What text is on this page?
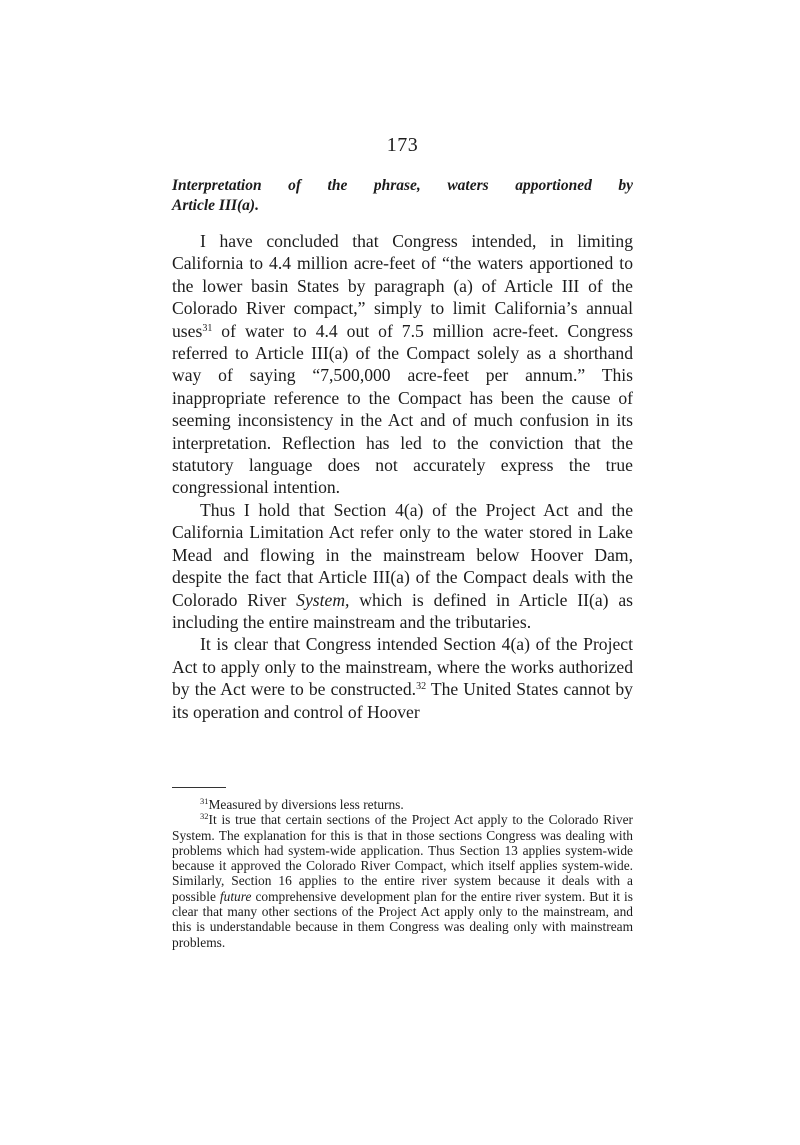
173
Interpretation of the phrase, waters apportioned by
Article III(a).

I have concluded that Congress intended, in limiting California to 4.4 million acre-feet of “the waters apportioned to the lower basin States by paragraph (a) of Article III of the Colorado River compact,” simply to limit California’s annual uses$^{31}$ of water to 4.4 out of 7.5 million acre-feet. Congress referred to Article III(a) of the Compact solely as a shorthand way of saying “7,500,000 acre-feet per annum.” This inappropriate reference to the Compact has been the cause of seeming inconsistency in the Act and of much confusion in its interpretation. Reflection has led to the conviction that the statutory language does not accurately express the true congressional intention.

Thus I hold that Section 4(a) of the Project Act and the California Limitation Act refer only to the water stored in Lake Mead and flowing in the mainstream below Hoover Dam, despite the fact that Article III(a) of the Compact deals with the Colorado River System, which is defined in Article II(a) as including the entire mainstream and the tributaries.

It is clear that Congress intended Section 4(a) of the Project Act to apply only to the mainstream, where the works authorized by the Act were to be constructed.$^{32}$ The United States cannot by its operation and control of Hoover

$^{31}$Measured by diversions less returns.

$^{32}$It is true that certain sections of the Project Act apply to the Colorado River System. The explanation for this is that in those sections Congress was dealing with problems which had system-wide application. Thus Section 13 applies system-wide because it approved the Colorado River Compact, which itself applies system-wide. Similarly, Section 16 applies to the entire river system because it deals with a possible future comprehensive development plan for the entire river system. But it is clear that many other sections of the Project Act apply only to the mainstream, and this is understandable because in them Congress was dealing only with mainstream problems.
